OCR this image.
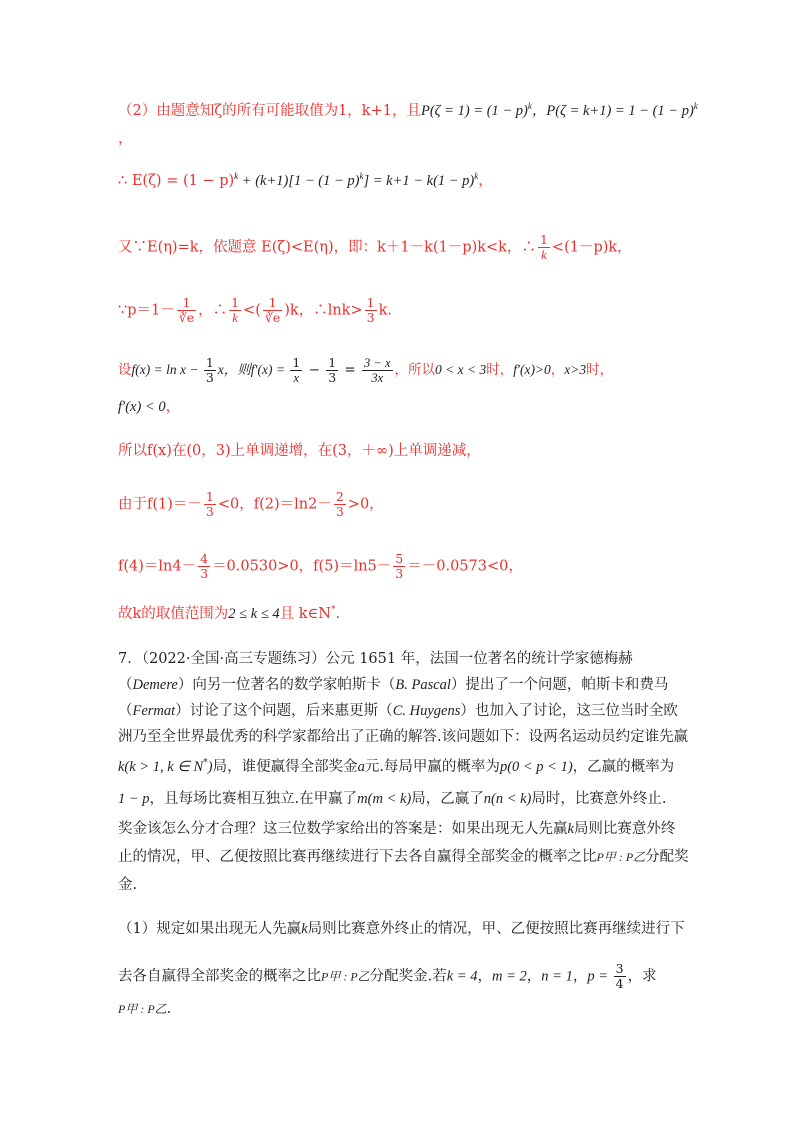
（2）由题意知ζ的所有可能取值为1，k+1，且$P(\zeta = 1) = (1 - p)^k$，$P(\zeta = k+1) = 1 - (1 - p)^k$
，
∴ $E(\zeta) = (1 - p)^k + (k+1)[1 - (1 - p)^k] = k+1 - k(1 - p)^k$，
又∵E(η)=k，依题意 E(ζ)<E(η)，即：k＋1－k(1－p)k<k，∴ $\frac{1}{k} <(1-p)k$，
∵p＝1－ $\frac{1}{∛e}$ ，∴ $\frac{1}{k}$ <( $\frac{1}{∛e} )k$，∴lnk> $\frac{1}{3} k$.
设$f(x) = \ln x - \frac{1}{3}$ x，则$f'(x) = \frac{1}{x} - \frac{1}{3} = \frac{3 - x}{3x}$ ，所以0 < x < 3时，f′(x)>0，x>3时，
f′(x) < 0，
所以f(x)在(0，3)上单调递增，在(3，＋∞)上单调递减，
由于$f(1)=- \frac{1}{3} <0$，$f(2)=\ln 2- \frac{2}{3} >0$，
$f(4)=\ln 4- \frac{4}{3} =0.0530>0$，$f(5)=\ln 5- \frac{5}{3} =-0.0573<0$，
故k的取值范围为2 ≤ k ≤ 4且 k∈N*.
7．（2022·全国·高三专题练习）公元 1651 年，法国一位著名的统计学家德梅赫
（Demere）向另一位著名的数学家帕斯卡（B. Pascal）提出了一个问题，帕斯卡和费马
（Fermat）讨论了这个问题，后来惠更斯（C. Huygens）也加入了讨论，这三位当时全欧
洲乃至全世界最优秀的科学家都给出了正确的解答.该问题如下：设两名运动员约定谁先赢
k(k > 1, k ∈ N*)局，谁便赢得全部奖金a元.每局甲赢的概率为p(0 < p < 1)，乙赢的概率为
1 − p，且每场比赛相互独立.在甲赢了m(m < k)局，乙赢了n(n < k)局时，比赛意外终止.
奖金该怎么分才合理？这三位数学家给出的答案是：如果出现无人先赢k局则比赛意外终
止的情况，甲、乙便按照比赛再继续进行下去各自赢得全部奖金的概率之比P甲 : P乙分配奖
金.
（1）规定如果出现无人先赢k局则比赛意外终止的情况，甲、乙便按照比赛再继续进行下
去各自赢得全部奖金的概率之比P甲 : P乙分配奖金.若k = 4，m = 2，n = 1，$p = \frac{3}{4}$ ，求
P甲 : P乙.
